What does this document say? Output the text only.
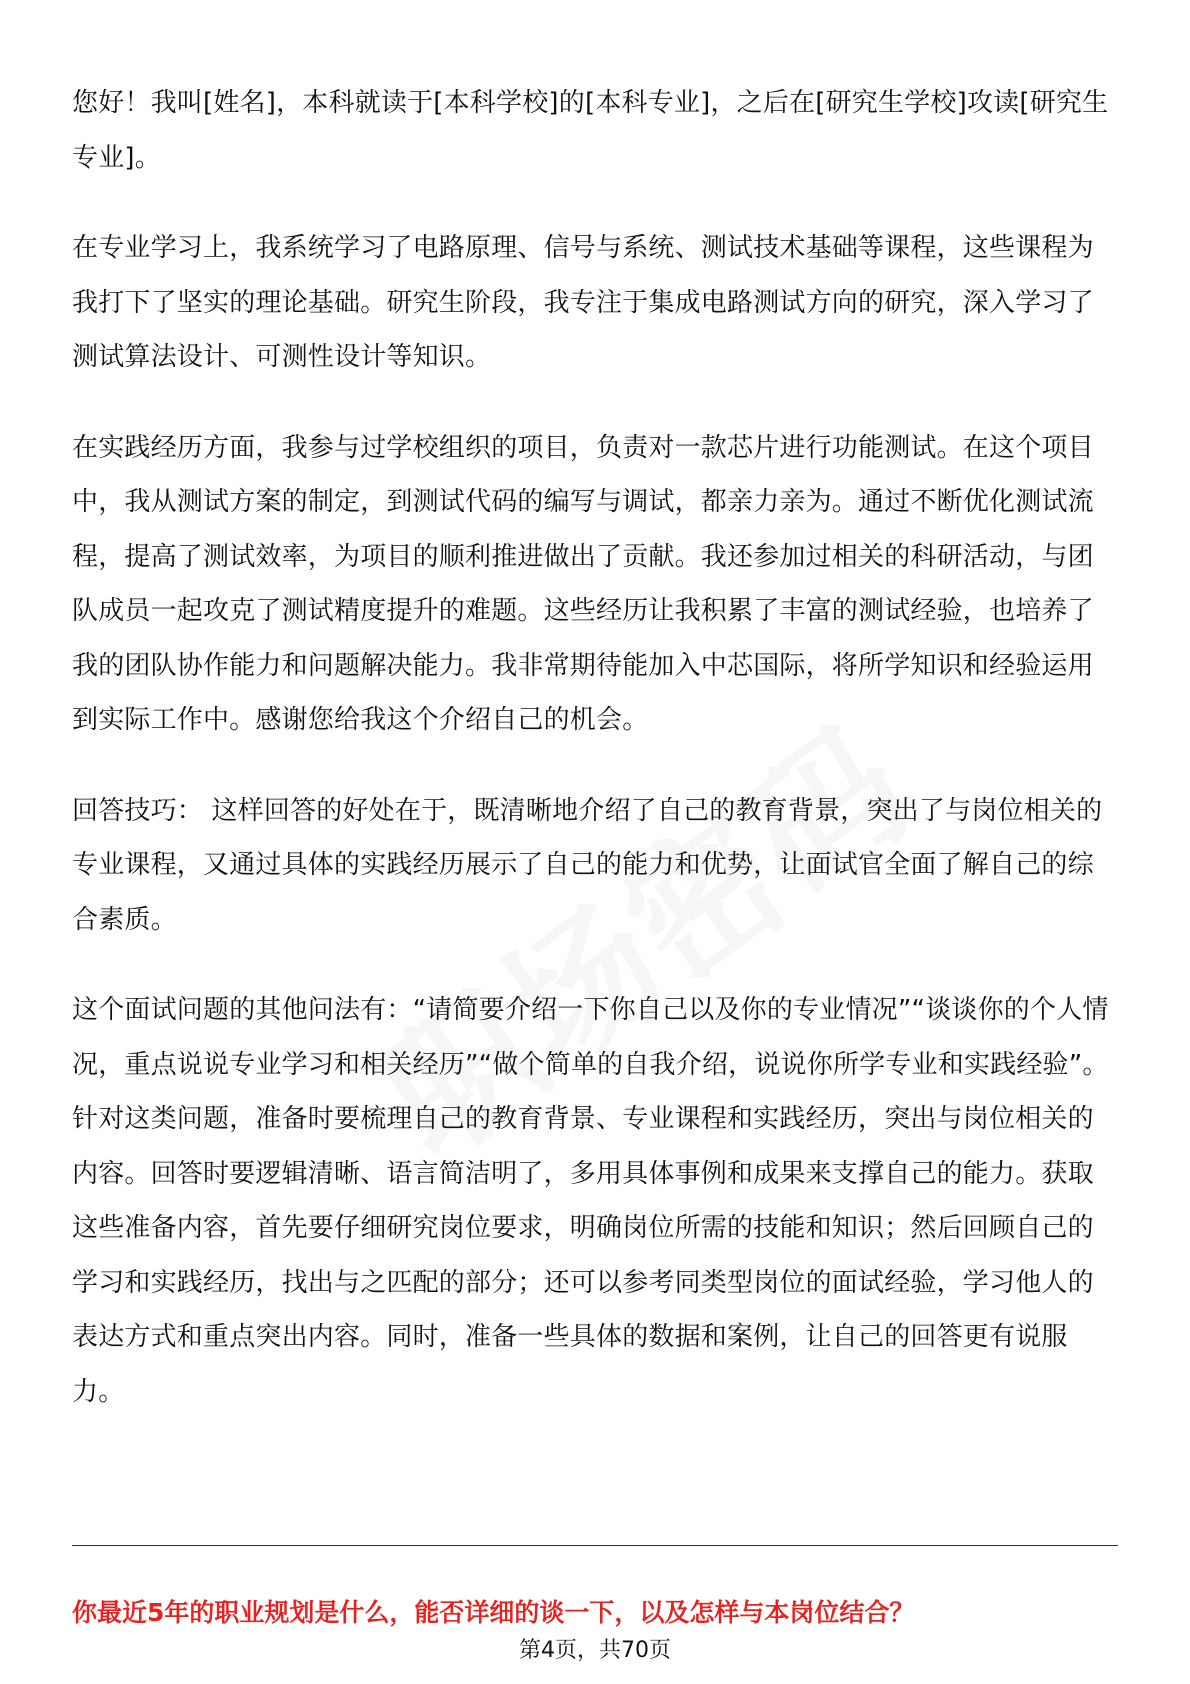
您好！我叫[姓名]，本科就读于[本科学校]的[本科专业]，之后在[研究生学校]攻读[研究生专业]。

在专业学习上，我系统学习了电路原理、信号与系统、测试技术基础等课程，这些课程为我打下了坚实的理论基础。研究生阶段，我专注于集成电路测试方向的研究，深入学习了测试算法设计、可测性设计等知识。

在实践经历方面，我参与过学校组织的项目，负责对一款芯片进行功能测试。在这个项目中，我从测试方案的制定，到测试代码的编写与调试，都亲力亲为。通过不断优化测试流程，提高了测试效率，为项目的顺利推进做出了贡献。我还参加过相关的科研活动，与团队成员一起攻克了测试精度提升的难题。这些经历让我积累了丰富的测试经验，也培养了我的团队协作能力和问题解决能力。我非常期待能加入中芯国际，将所学知识和经验运用到实际工作中。感谢您给我这个介绍自己的机会。

回答技巧： 这样回答的好处在于，既清晰地介绍了自己的教育背景，突出了与岗位相关的专业课程，又通过具体的实践经历展示了自己的能力和优势，让面试官全面了解自己的综合素质。

这个面试问题的其他问法有：“请简要介绍一下你自己以及你的专业情况”“谈谈你的个人情况，重点说说专业学习和相关经历”“做个简单的自我介绍，说说你所学专业和实践经验”。 针对这类问题，准备时要梳理自己的教育背景、专业课程和实践经历，突出与岗位相关的内容。回答时要逻辑清晰、语言简洁明了，多用具体事例和成果来支撑自己的能力。获取这些准备内容，首先要仔细研究岗位要求，明确岗位所需的技能和知识；然后回顾自己的学习和实践经历，找出与之匹配的部分；还可以参考同类型岗位的面试经验，学习他人的表达方式和重点突出内容。同时，准备一些具体的数据和案例，让自己的回答更有说服力。

你最近5年的职业规划是什么，能否详细的谈一下，以及怎样与本岗位结合？
第4页，共70页
